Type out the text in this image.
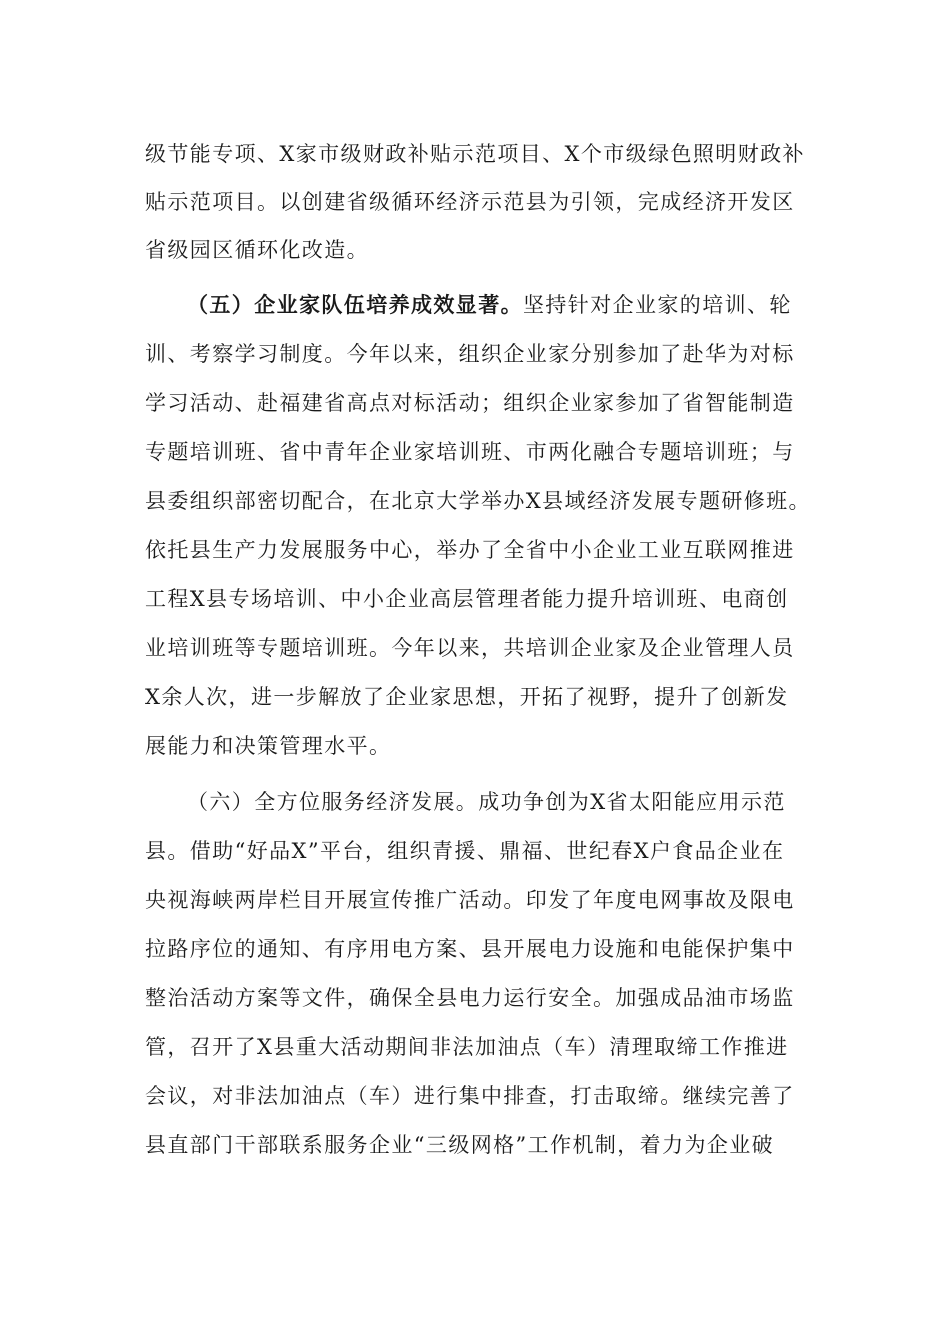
级节能专项、X家市级财政补贴示范项目、X个市级绿色照明财政补
贴示范项目。以创建省级循环经济示范县为引领，完成经济开发区
省级园区循环化改造。
（五）企业家队伍培养成效显著。坚持针对企业家的培训、轮
训、考察学习制度。今年以来，组织企业家分别参加了赴华为对标
学习活动、赴福建省高点对标活动；组织企业家参加了省智能制造
专题培训班、省中青年企业家培训班、市两化融合专题培训班；与
县委组织部密切配合，在北京大学举办X县域经济发展专题研修班。
依托县生产力发展服务中心，举办了全省中小企业工业互联网推进
工程X县专场培训、中小企业高层管理者能力提升培训班、电商创
业培训班等专题培训班。今年以来，共培训企业家及企业管理人员
X余人次，进一步解放了企业家思想，开拓了视野，提升了创新发
展能力和决策管理水平。
（六）全方位服务经济发展。成功争创为X省太阳能应用示范
县。借助“好品X”平台，组织青援、鼎福、世纪春X户食品企业在
央视海峡两岸栏目开展宣传推广活动。印发了年度电网事故及限电
拉路序位的通知、有序用电方案、县开展电力设施和电能保护集中
整治活动方案等文件，确保全县电力运行安全。加强成品油市场监
管，召开了X县重大活动期间非法加油点（车）清理取缔工作推进
会议，对非法加油点（车）进行集中排查，打击取缔。继续完善了
县直部门干部联系服务企业“三级网格”工作机制，着力为企业破
